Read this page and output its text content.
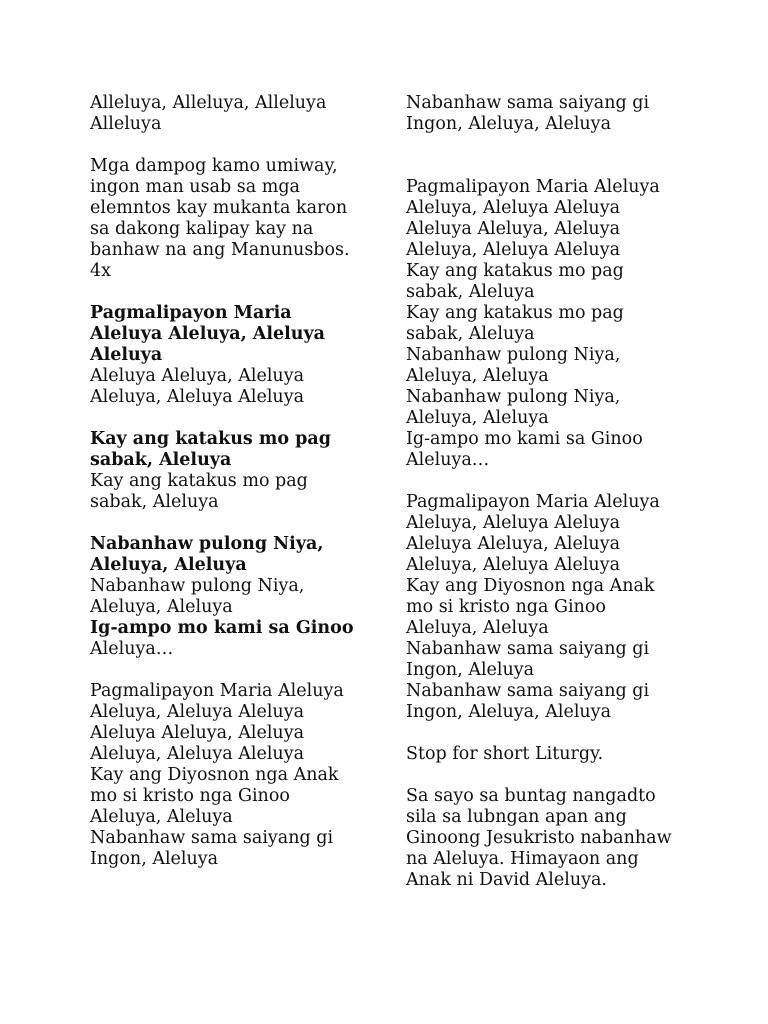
Alleluya, Alleluya, Alleluya
Alleluya
Mga dampog kamo umiway,
ingon man usab sa mga
elemntos kay mukanta karon
sa dakong kalipay kay na
banhaw na ang Manunusbos.
4x
Pagmalipayon Maria
Aleluya Aleluya, Aleluya
Aleluya
Aleluya Aleluya, Aleluya
Aleluya, Aleluya Aleluya
Kay ang katakus mo pag
sabak, Aleluya
Kay ang katakus mo pag
sabak, Aleluya
Nabanhaw pulong Niya,
Aleluya, Aleluya
Nabanhaw pulong Niya,
Aleluya, Aleluya
Ig-ampo mo kami sa Ginoo
Aleluya…
Pagmalipayon Maria Aleluya
Aleluya, Aleluya Aleluya
Aleluya Aleluya, Aleluya
Aleluya, Aleluya Aleluya
Kay ang Diyosnon nga Anak
mo si kristo nga Ginoo
Aleluya, Aleluya
Nabanhaw sama saiyang gi
Ingon, Aleluya
Nabanhaw sama saiyang gi
Ingon, Aleluya, Aleluya
Pagmalipayon Maria Aleluya
Aleluya, Aleluya Aleluya
Aleluya Aleluya, Aleluya
Aleluya, Aleluya Aleluya
Kay ang katakus mo pag
sabak, Aleluya
Kay ang katakus mo pag
sabak, Aleluya
Nabanhaw pulong Niya,
Aleluya, Aleluya
Nabanhaw pulong Niya,
Aleluya, Aleluya
Ig-ampo mo kami sa Ginoo
Aleluya…
Pagmalipayon Maria Aleluya
Aleluya, Aleluya Aleluya
Aleluya Aleluya, Aleluya
Aleluya, Aleluya Aleluya
Kay ang Diyosnon nga Anak
mo si kristo nga Ginoo
Aleluya, Aleluya
Nabanhaw sama saiyang gi
Ingon, Aleluya
Nabanhaw sama saiyang gi
Ingon, Aleluya, Aleluya
Stop for short Liturgy.
Sa sayo sa buntag nangadto
sila sa lubngan apan ang
Ginoong Jesukristo nabanhaw
na Aleluya. Himayaon ang
Anak ni David Aleluya.
